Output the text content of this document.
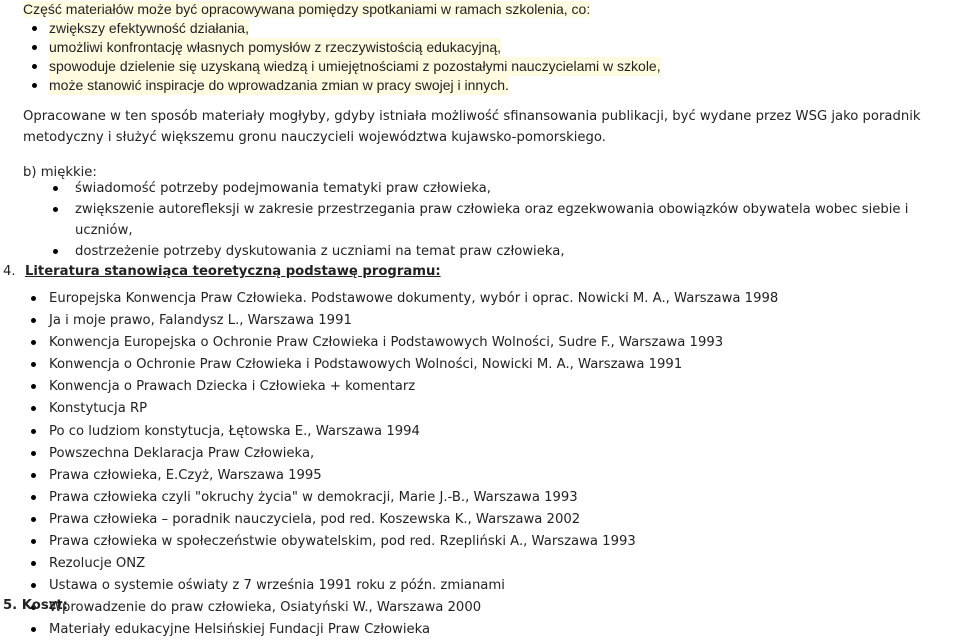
Część materiałów może być opracowywana pomiędzy spotkaniami w ramach szkolenia, co:
zwiększy efektywność działania,
umożliwi konfrontację własnych pomysłów z rzeczywistością edukacyjną,
spowoduje dzielenie się uzyskaną wiedzą i umiejętnościami z pozostałymi nauczycielami w szkole,
może stanowić inspiracje do wprowadzania zmian w pracy swojej i innych.

Opracowane w ten sposób materiały mogłyby, gdyby istniała możliwość sfinansowania publikacji, być wydane przez WSG jako poradnik metodyczny i służyć większemu gronu nauczycieli województwa kujawsko-pomorskiego.

b) miękkie:
świadomość potrzeby podejmowania tematyki praw człowieka,
zwiększenie autorefleksji w zakresie przestrzegania praw człowieka oraz egzekwowania obowiązków obywatela wobec siebie i uczniów,
dostrzeżenie potrzeby dyskutowania z uczniami na temat praw człowieka,
4. Literatura stanowiąca teoretyczną podstawę programu:
Europejska Konwencja Praw Człowieka. Podstawowe dokumenty, wybór i oprac. Nowicki M. A., Warszawa 1998
Ja i moje prawo, Falandysz L., Warszawa 1991
Konwencja Europejska o Ochronie Praw Człowieka i Podstawowych Wolności, Sudre F., Warszawa 1993
Konwencja o Ochronie Praw Człowieka i Podstawowych Wolności, Nowicki M. A., Warszawa 1991
Konwencja o Prawach Dziecka i Człowieka + komentarz
Konstytucja RP
Po co ludziom konstytucja, Łętowska E., Warszawa 1994
Powszechna Deklaracja Praw Człowieka,
Prawa człowieka, E.Czyż, Warszawa 1995
Prawa człowieka czyli "okruchy życia" w demokracji, Marie J.-B., Warszawa 1993
Prawa człowieka – poradnik nauczyciela, pod red. Koszewska K., Warszawa 2002
Prawa człowieka w społeczeństwie obywatelskim, pod red. Rzepliński A., Warszawa 1993
Rezolucje ONZ
Ustawa o systemie oświaty z 7 września 1991 roku z późn. zmianami
Wprowadzenie do praw człowieka, Osiatyński W., Warszawa 2000
Materiały edukacyjne Helsińskiej Fundacji Praw Człowieka
5. Koszt:
